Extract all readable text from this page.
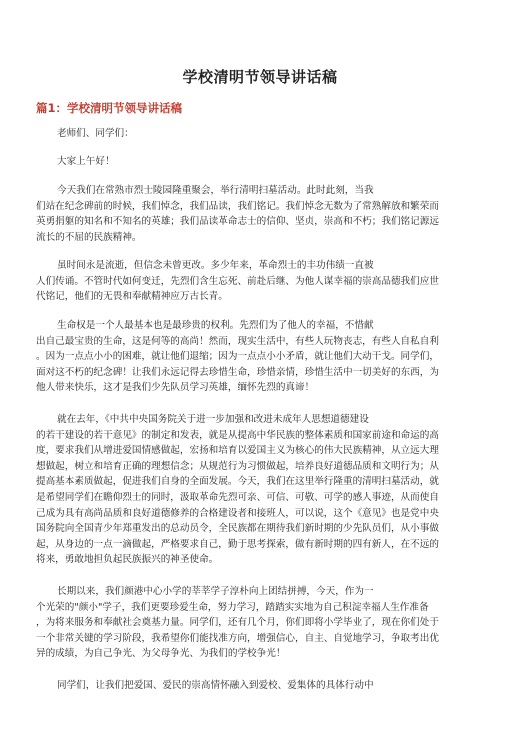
学校清明节领导讲话稿
篇1：学校清明节领导讲话稿
老师们、同学们：
大家上午好！
今天我们在常熟市烈士陵园隆重聚会，举行清明扫墓活动。此时此刻，当我
们站在纪念碑前的时候，我们悼念，我们品读，我们铭记。我们悼念无数为了常熟解放和繁荣而
英勇捐躯的知名和不知名的英雄；我们品读革命志士的信仰、坚贞，崇高和不朽；我们铭记源远
流长的不屈的民族精神。
虽时间永是流逝，但信念未曾更改。多少年来，革命烈士的丰功伟绩一直被
人们传诵。不管时代如何变迁，先烈们含生忘死、前赴后继、为他人谋幸福的崇高品德我们应世
代铭记，他们的无畏和奉献精神应万古长青。
生命权是一个人最基本也是最珍贵的权利。先烈们为了他人的幸福，不惜献
出自己最宝贵的生命，这是何等的高尚！然而，现实生活中，有些人玩物丧志，有些人自私自利
。因为一点点小小的困难，就让他们退缩；因为一点点小小矛盾，就让他们大动干戈。同学们，
面对这不朽的纪念碑！让我们永远记得去珍惜生命，珍惜亲情，珍惜生活中一切美好的东西，为
他人带来快乐，这才是我们少先队员学习英雄，缅怀先烈的真谛！
就在去年，《中共中央国务院关于进一步加强和改进未成年人思想道德建设
的若干建设的若干意见》的制定和发表，就是从提高中华民族的整体素质和国家前途和命运的高
度，要求我们从增进爱国情感做起，宏扬和培育以爱国主义为核心的伟大民族精神，从立远大理
想做起，树立和培育正确的理想信念；从规范行为习惯做起，培养良好道德品质和文明行为；从
提高基本素质做起，促进我们自身的全面发展。今天，我们在这里举行隆重的清明扫墓活动，就
是希望同学们在瞻仰烈士的同时，汲取革命先烈可亲、可信、可敬、可学的感人事迹，从而使自
己成为具有高尚品质和良好道德修养的合格建设者和接班人，可以说，这个《意见》也是党中央
国务院向全国青少年郑重发出的总动员令，全民族都在期待我们新时期的少先队员们，从小事做
起，从身边的一点一滴做起，严格要求自己，勤于思考探索，做有新时期的四有新人，在不远的
将来，勇敢地担负起民族振兴的神圣使命。
长期以来，我们颜港中心小学的莘莘学子淳朴向上团结拼搏，今天，作为一
个光荣的"颜小"学子，我们更要珍爱生命，努力学习，踏踏实实地为自己积淀幸福人生作准备
，为将来服务和奉献社会奠基力量。同学们，还有几个月，你们即将小学毕业了，现在你们处于
一个非常关键的学习阶段，我希望你们能找准方向，增强信心，自主、自觉地学习，争取考出优
异的成绩，为自己争光、为父母争光、为我们的学校争光！
同学们，让我们把爱国、爱民的崇高情怀融入到爱校、爱集体的具体行动中
